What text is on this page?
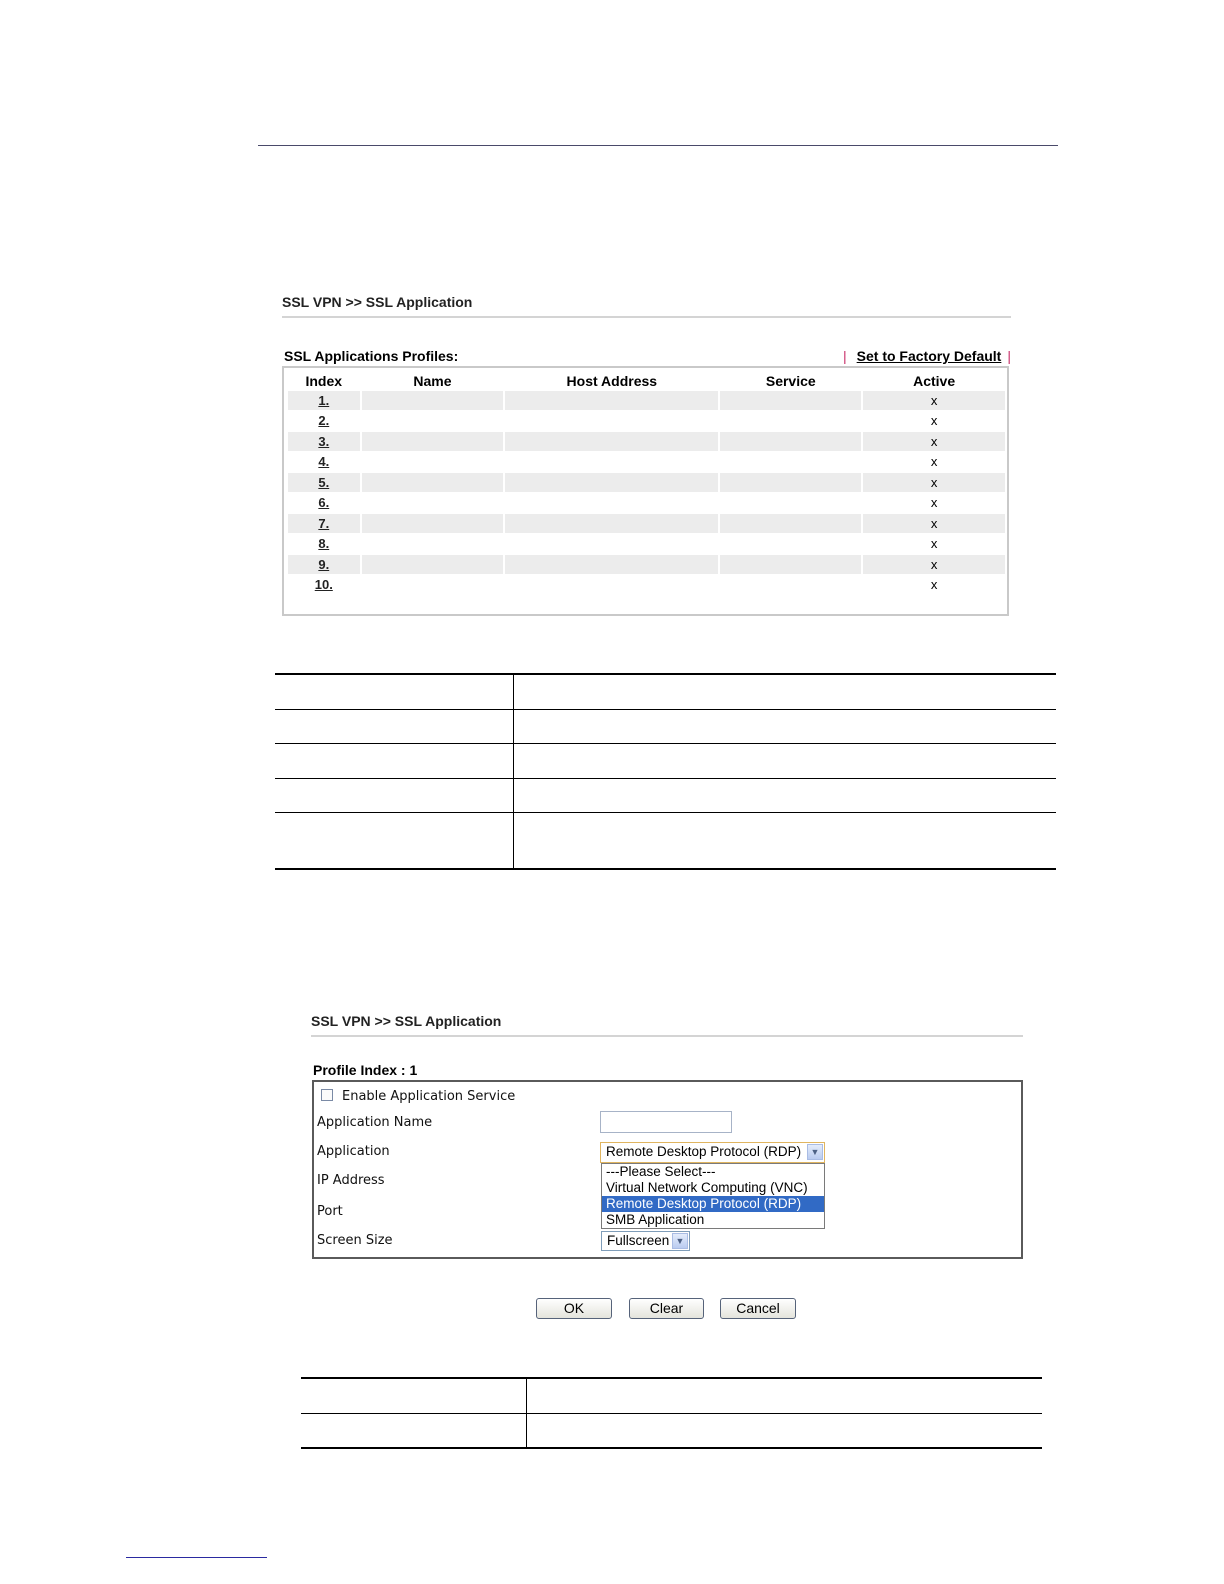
SSL VPN >> SSL Application
SSL Applications Profiles:	| Set to Factory Default |
Index	Name	Host Address	Service	Active
1.				x
2.				x
3.				x
4.				x
5.				x
6.				x
7.				x
8.				x
9.				x
10.				x

SSL VPN >> SSL Application
Profile Index : 1
Enable Application Service
Application Name
Application	Remote Desktop Protocol (RDP)	▼
---Please Select---
Virtual Network Computing (VNC)
Remote Desktop Protocol (RDP)
SMB Application
IP Address
Port
Screen Size	Fullscreen ▼
OK	Clear	Cancel
